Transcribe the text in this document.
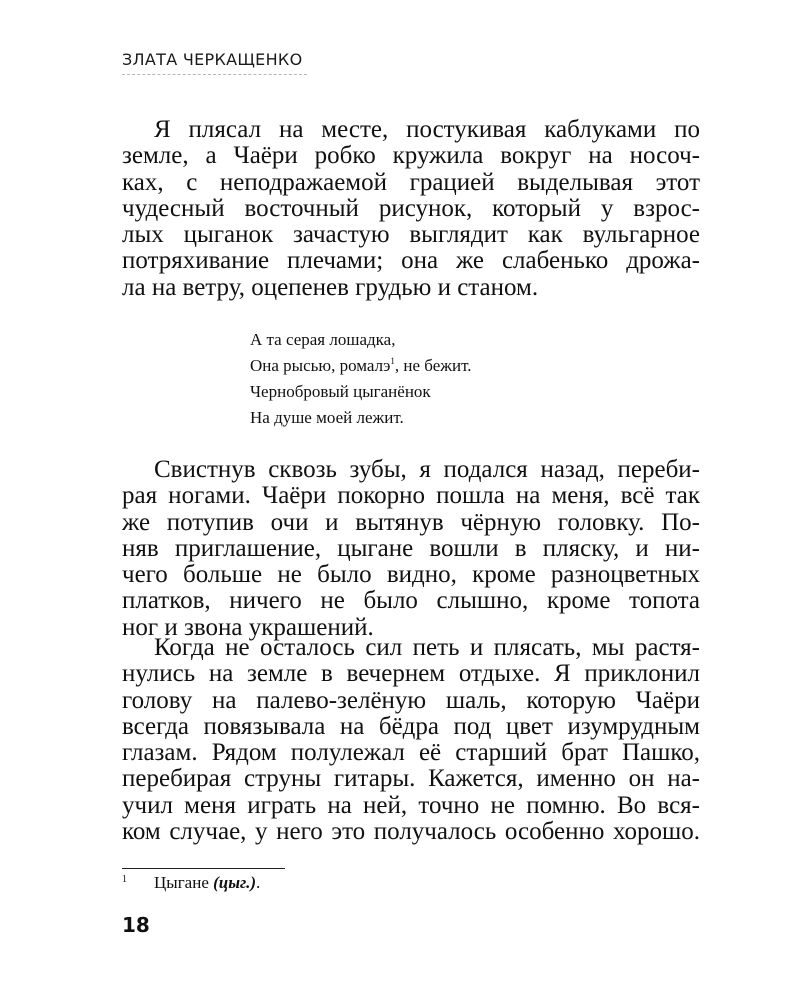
ЗЛАТА ЧЕРКАЩЕНКО
Я плясал на месте, постукивая каблуками по
земле, а Чаёри робко кружила вокруг на носоч-
ках, с неподражаемой грацией выделывая этот
чудесный восточный рисунок, который у взрос-
лых цыганок зачастую выглядит как вульгарное
потряхивание плечами; она же слабенько дрожа-
ла на ветру, оцепенев грудью и станом.
А та серая лошадка,
Она рысью, ромалэ$^1$, не бежит.
Чернобровый цыганёнок
На душе моей лежит.
Свистнув сквозь зубы, я подался назад, переби-
рая ногами. Чаёри покорно пошла на меня, всё так
же потупив очи и вытянув чёрную головку. По-
няв приглашение, цыгане вошли в пляску, и ни-
чего больше не было видно, кроме разноцветных
платков, ничего не было слышно, кроме топота
ног и звона украшений.
Когда не осталось сил петь и плясать, мы растя-
нулись на земле в вечернем отдыхе. Я приклонил
голову на палево-зелёную шаль, которую Чаёри
всегда повязывала на бёдра под цвет изумрудным
глазам. Рядом полулежал её старший брат Пашко,
перебирая струны гитары. Кажется, именно он на-
учил меня играть на ней, точно не помню. Во вся-
ком случае, у него это получалось особенно хорошо.
1 Цыгане (цыг.).
18
